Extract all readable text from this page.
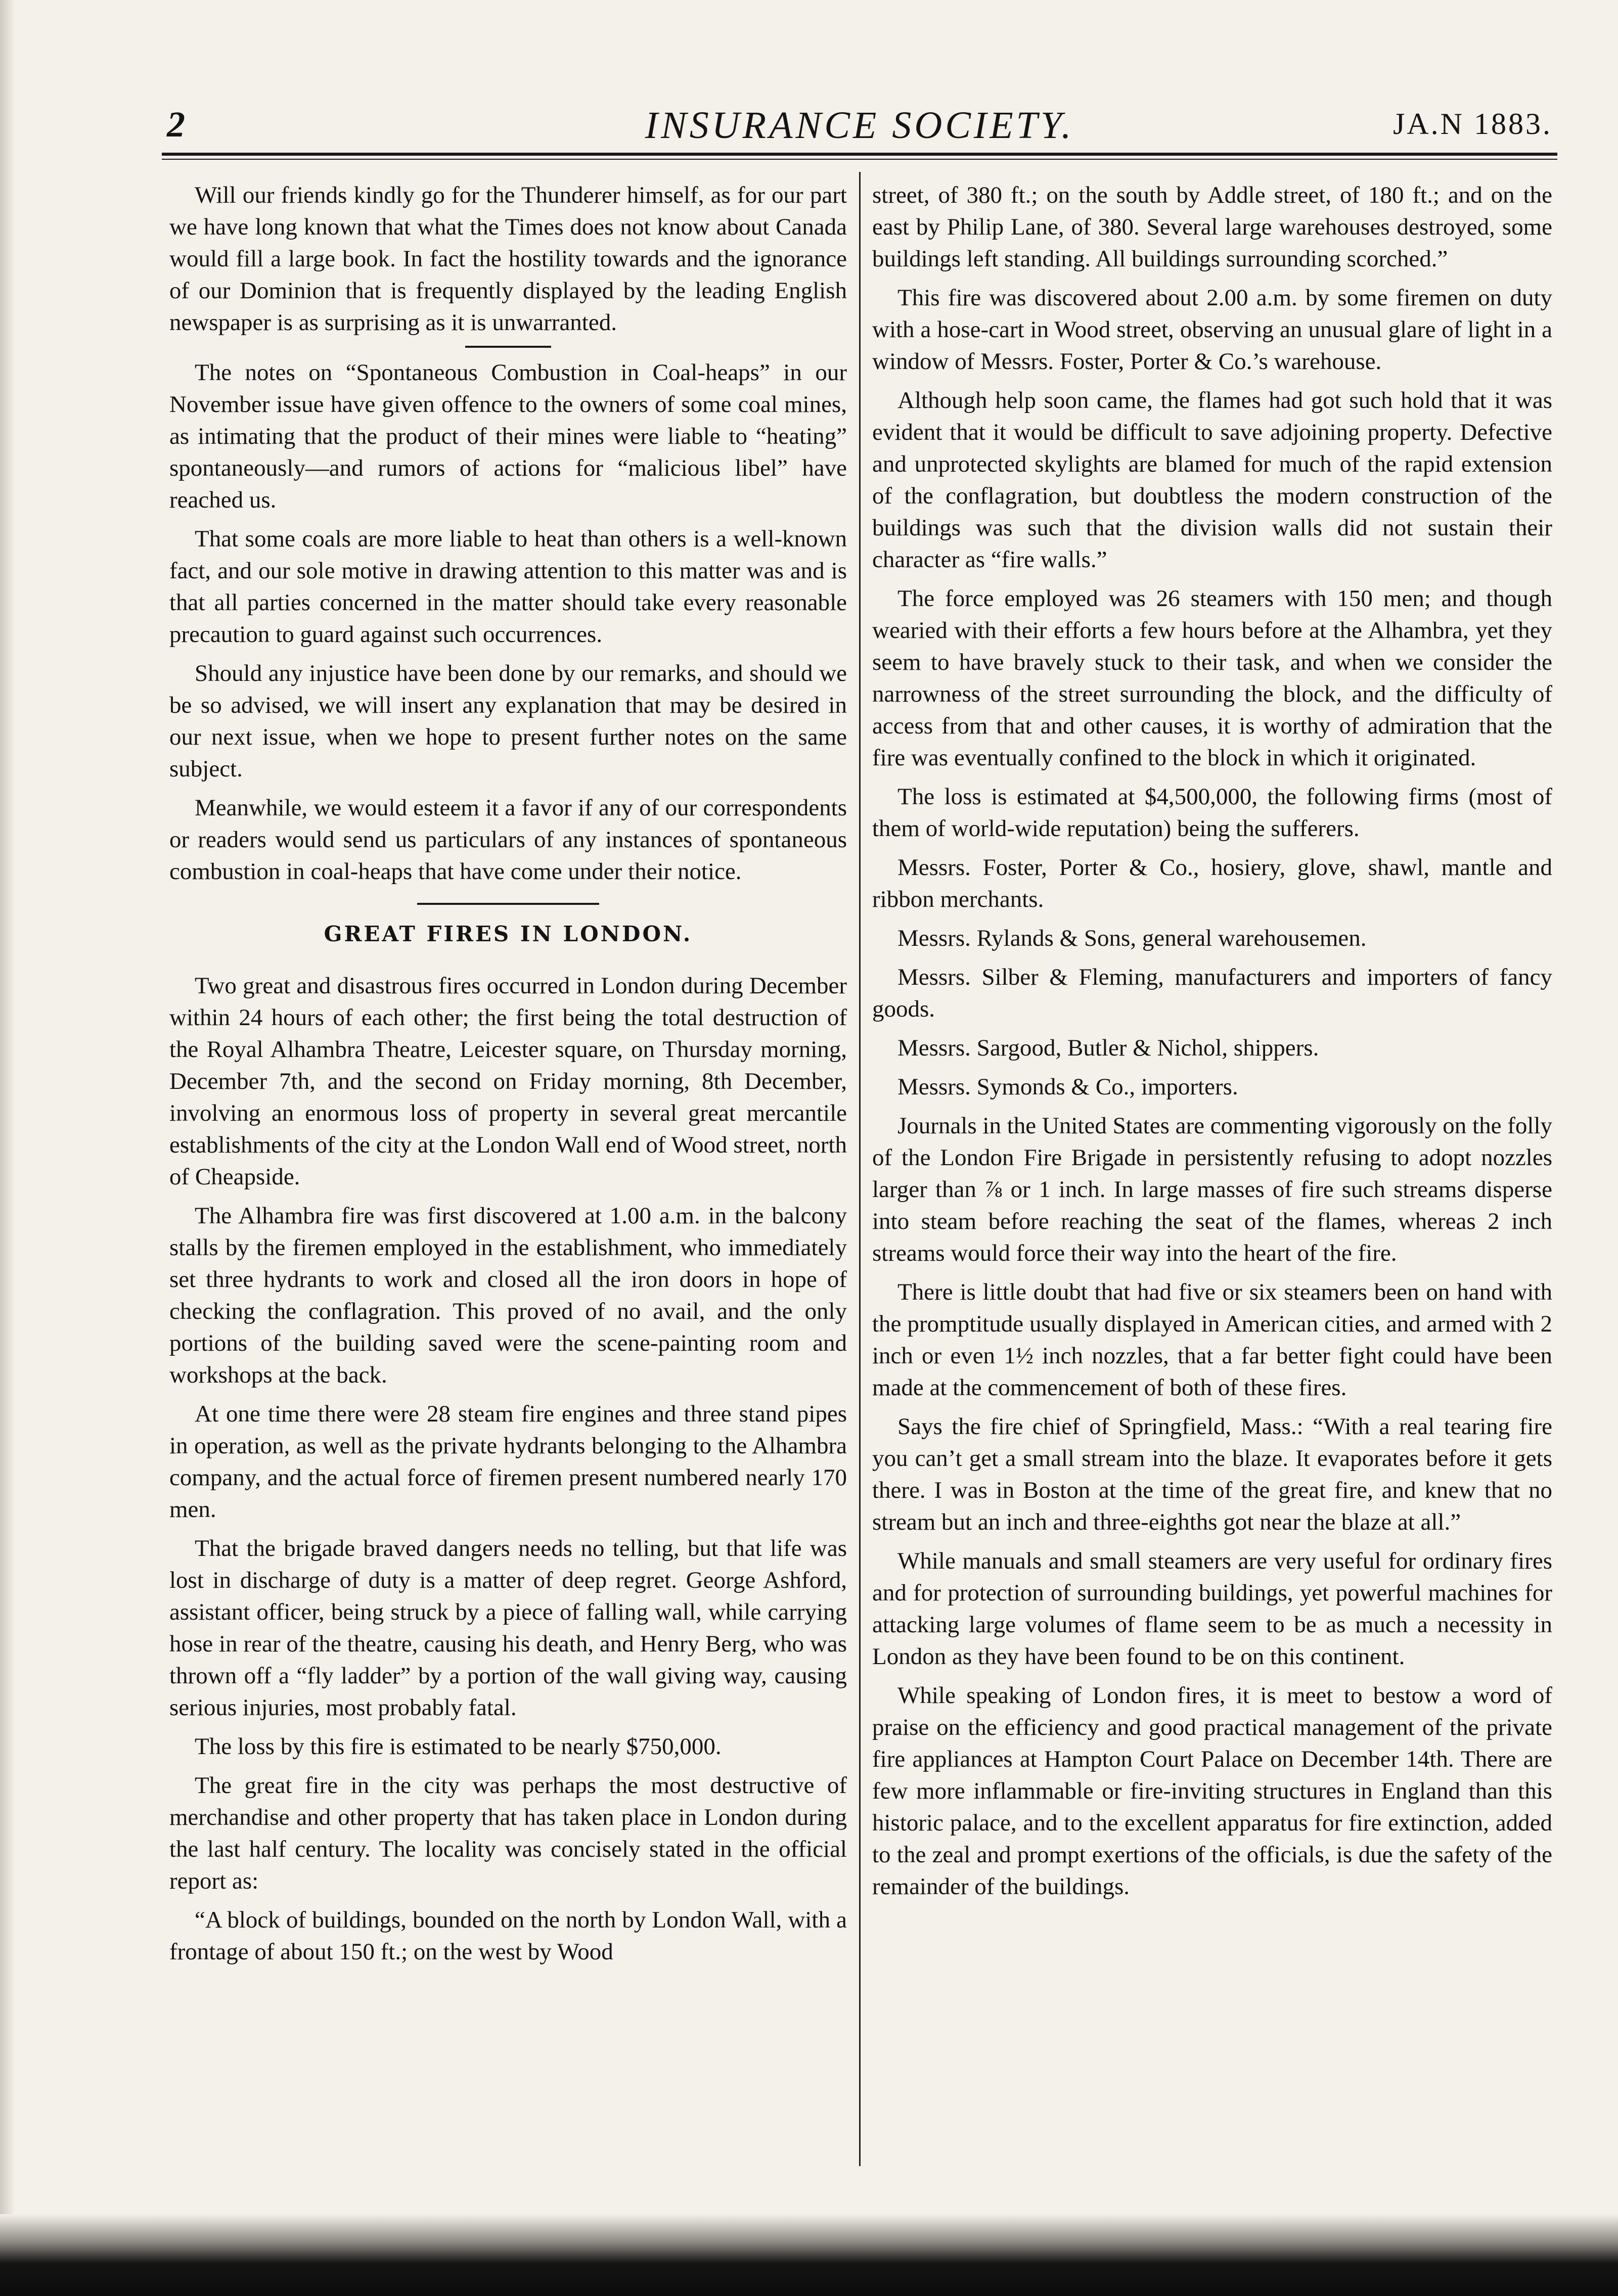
2	INSURANCE SOCIETY.	JA.N 1883.

Will our friends kindly go for the Thunderer himself, as for our part we have long known that what the Times does not know about Canada would fill a large book. In fact the hostility towards and the ignorance of our Dominion that is frequently displayed by the leading English newspaper is as surprising as it is unwarranted.

The notes on “Spontaneous Combustion in Coal-heaps” in our November issue have given offence to the owners of some coal mines, as intimating that the product of their mines were liable to “heating” spontaneously—and rumors of actions for “malicious libel” have reached us.

That some coals are more liable to heat than others is a well-known fact, and our sole motive in drawing attention to this matter was and is that all parties concerned in the matter should take every reasonable precaution to guard against such occurrences.

Should any injustice have been done by our remarks, and should we be so advised, we will insert any explanation that may be desired in our next issue, when we hope to present further notes on the same subject.

Meanwhile, we would esteem it a favor if any of our correspondents or readers would send us particulars of any instances of spontaneous combustion in coal-heaps that have come under their notice.

GREAT FIRES IN LONDON.

Two great and disastrous fires occurred in London during December within 24 hours of each other; the first being the total destruction of the Royal Alhambra Theatre, Leicester square, on Thursday morning, December 7th, and the second on Friday morning, 8th December, involving an enormous loss of property in several great mercantile establishments of the city at the London Wall end of Wood street, north of Cheapside.

The Alhambra fire was first discovered at 1.00 a.m. in the balcony stalls by the firemen employed in the establishment, who immediately set three hydrants to work and closed all the iron doors in hope of checking the conflagration. This proved of no avail, and the only portions of the building saved were the scene-painting room and workshops at the back.

At one time there were 28 steam fire engines and three stand pipes in operation, as well as the private hydrants belonging to the Alhambra company, and the actual force of firemen present numbered nearly 170 men.

That the brigade braved dangers needs no telling, but that life was lost in discharge of duty is a matter of deep regret. George Ashford, assistant officer, being struck by a piece of falling wall, while carrying hose in rear of the theatre, causing his death, and Henry Berg, who was thrown off a “fly ladder” by a portion of the wall giving way, causing serious injuries, most probably fatal.

The loss by this fire is estimated to be nearly $750,000.

The great fire in the city was perhaps the most destructive of merchandise and other property that has taken place in London during the last half century. The locality was concisely stated in the official report as:

“A block of buildings, bounded on the north by London Wall, with a frontage of about 150 ft.; on the west by Wood

street, of 380 ft.; on the south by Addle street, of 180 ft.; and on the east by Philip Lane, of 380. Several large warehouses destroyed, some buildings left standing. All buildings surrounding scorched.”

This fire was discovered about 2.00 a.m. by some firemen on duty with a hose-cart in Wood street, observing an unusual glare of light in a window of Messrs. Foster, Porter & Co.’s warehouse.

Although help soon came, the flames had got such hold that it was evident that it would be difficult to save adjoining property. Defective and unprotected skylights are blamed for much of the rapid extension of the conflagration, but doubtless the modern construction of the buildings was such that the division walls did not sustain their character as “fire walls.”

The force employed was 26 steamers with 150 men; and though wearied with their efforts a few hours before at the Alhambra, yet they seem to have bravely stuck to their task, and when we consider the narrowness of the street surrounding the block, and the difficulty of access from that and other causes, it is worthy of admiration that the fire was eventually confined to the block in which it originated.

The loss is estimated at $4,500,000, the following firms (most of them of world-wide reputation) being the sufferers.

Messrs. Foster, Porter & Co., hosiery, glove, shawl, mantle and ribbon merchants.

Messrs. Rylands & Sons, general warehousemen.

Messrs. Silber & Fleming, manufacturers and importers of fancy goods.

Messrs. Sargood, Butler & Nichol, shippers.

Messrs. Symonds & Co., importers.

Journals in the United States are commenting vigorously on the folly of the London Fire Brigade in persistently refusing to adopt nozzles larger than ⅞ or 1 inch. In large masses of fire such streams disperse into steam before reaching the seat of the flames, whereas 2 inch streams would force their way into the heart of the fire.

There is little doubt that had five or six steamers been on hand with the promptitude usually displayed in American cities, and armed with 2 inch or even 1½ inch nozzles, that a far better fight could have been made at the commencement of both of these fires.

Says the fire chief of Springfield, Mass.: “With a real tearing fire you can’t get a small stream into the blaze. It evaporates before it gets there. I was in Boston at the time of the great fire, and knew that no stream but an inch and three-eighths got near the blaze at all.”

While manuals and small steamers are very useful for ordinary fires and for protection of surrounding buildings, yet powerful machines for attacking large volumes of flame seem to be as much a necessity in London as they have been found to be on this continent.

While speaking of London fires, it is meet to bestow a word of praise on the efficiency and good practical management of the private fire appliances at Hampton Court Palace on December 14th. There are few more inflammable or fire-inviting structures in England than this historic palace, and to the excellent apparatus for fire extinction, added to the zeal and prompt exertions of the officials, is due the safety of the remainder of the buildings.
